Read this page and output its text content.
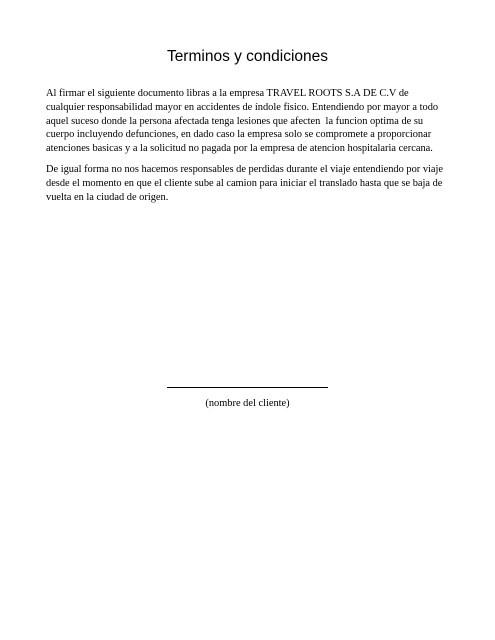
Terminos y condiciones

Al firmar el siguiente documento libras a la empresa TRAVEL ROOTS S.A DE C.V de cualquier responsabilidad mayor en accidentes de índole fisico. Entendiendo por mayor a todo aquel suceso donde la persona afectada tenga lesiones que afecten  la funcion optima de su cuerpo incluyendo defunciones, en dado caso la empresa solo se compromete a proporcionar atenciones basicas y a la solicitud no pagada por la empresa de atencion hospitalaria cercana.

De igual forma no nos hacemos responsables de perdidas durante el viaje entendiendo por viaje desde el momento en que el cliente sube al camion para iniciar el translado hasta que se baja de vuelta en la ciudad de origen.

(nombre del cliente)
